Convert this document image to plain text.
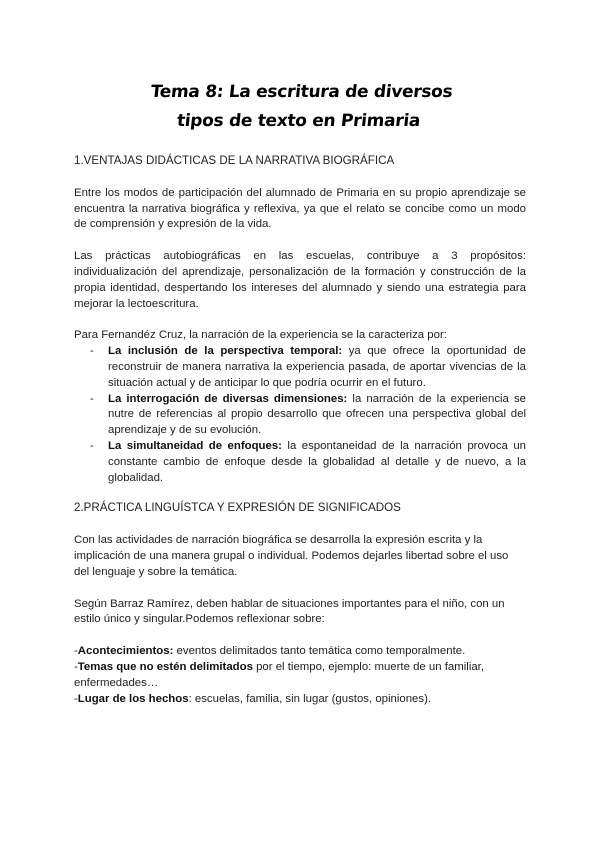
Tema 8: La escritura de diversos
tipos de texto en Primaria
1.VENTAJAS DIDÁCTICAS DE LA NARRATIVA BIOGRÁFICA

Entre los modos de participación del alumnado de Primaria en su propio aprendizaje se encuentra la narrativa biográfica y reflexiva, ya que el relato se concibe como un modo de comprensión y expresión de la vida.

Las prácticas autobiográficas en las escuelas, contribuye a 3 propósitos: individualización del aprendizaje, personalización de la formación y construcción de la propia identidad, despertando los intereses del alumnado y siendo una estrategia para mejorar la lectoescritura.

Para Fernandéz Cruz, la narración de la experiencia se la caracteriza por:

- La inclusión de la perspectiva temporal: ya que ofrece la oportunidad de reconstruir de manera narrativa la experiencia pasada, de aportar vivencias de la situación actual y de anticipar lo que podría ocurrir en el futuro.
- La interrogación de diversas dimensiones: la narración de la experiencia se nutre de referencias al propio desarrollo que ofrecen una perspectiva global del aprendizaje y de su evolución.
- La simultaneidad de enfoques: la espontaneidad de la narración provoca un constante cambio de enfoque desde la globalidad al detalle y de nuevo, a la globalidad.
2.PRÁCTICA LINGUÍSTCA Y EXPRESIÓN DE SIGNIFICADOS

Con las actividades de narración biográfica se desarrolla la expresión escrita y la implicación de una manera grupal o individual. Podemos dejarles libertad sobre el uso del lenguaje y sobre la temática.

Según Barraz Ramírez, deben hablar de situaciones importantes para el niño, con un estilo único y singular.Podemos reflexionar sobre:

-Acontecimientos: eventos delimitados tanto temática como temporalmente.
-Temas que no estén delimitados por el tiempo, ejemplo: muerte de un familiar, enfermedades…
-Lugar de los hechos: escuelas, familia, sin lugar (gustos, opiniones).
